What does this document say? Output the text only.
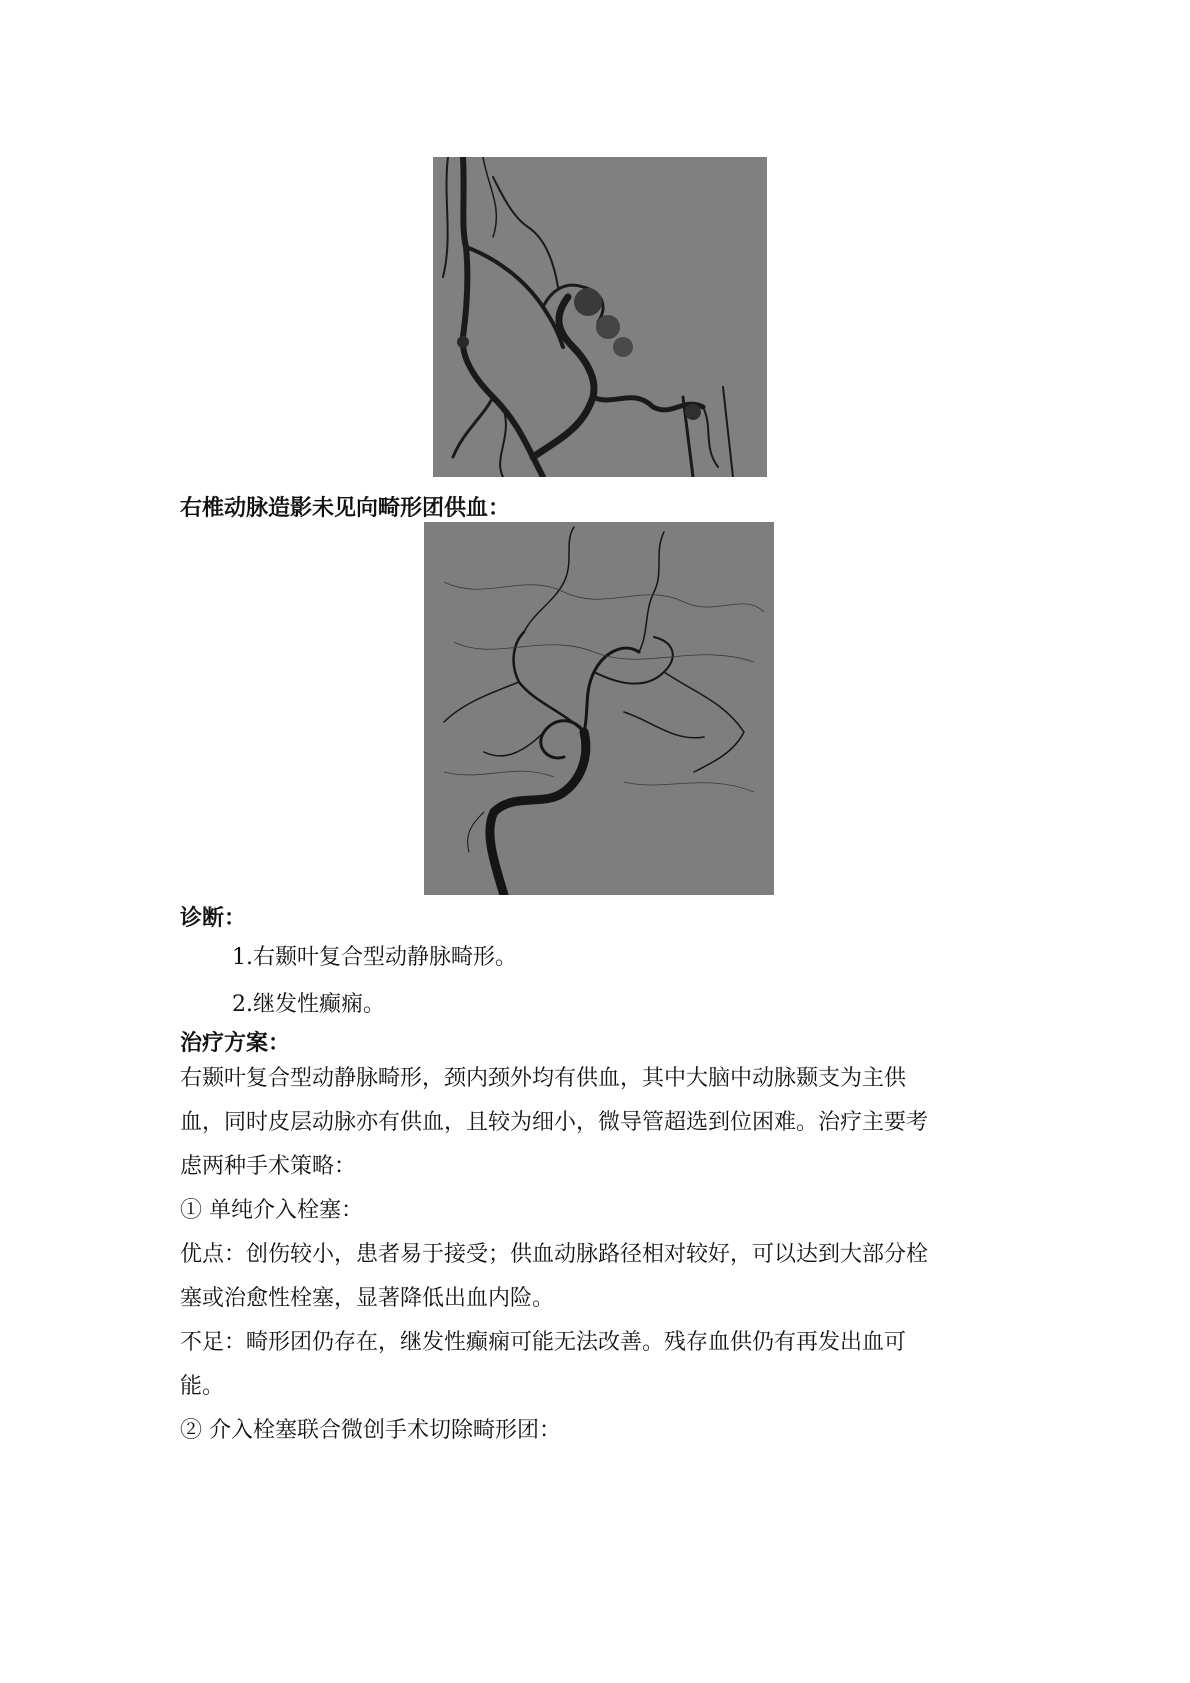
右椎动脉造影未见向畸形团供血：
诊断：
1.右颞叶复合型动静脉畸形。
2.继发性癫痫。
治疗方案：
右颞叶复合型动静脉畸形，颈内颈外均有供血，其中大脑中动脉颞支为主供
血，同时皮层动脉亦有供血，且较为细小，微导管超选到位困难。治疗主要考
虑两种手术策略：
① 单纯介入栓塞：
优点：创伤较小，患者易于接受；供血动脉路径相对较好，可以达到大部分栓
塞或治愈性栓塞，显著降低出血内险。
不足：畸形团仍存在，继发性癫痫可能无法改善。残存血供仍有再发出血可
能。
② 介入栓塞联合微创手术切除畸形团：
